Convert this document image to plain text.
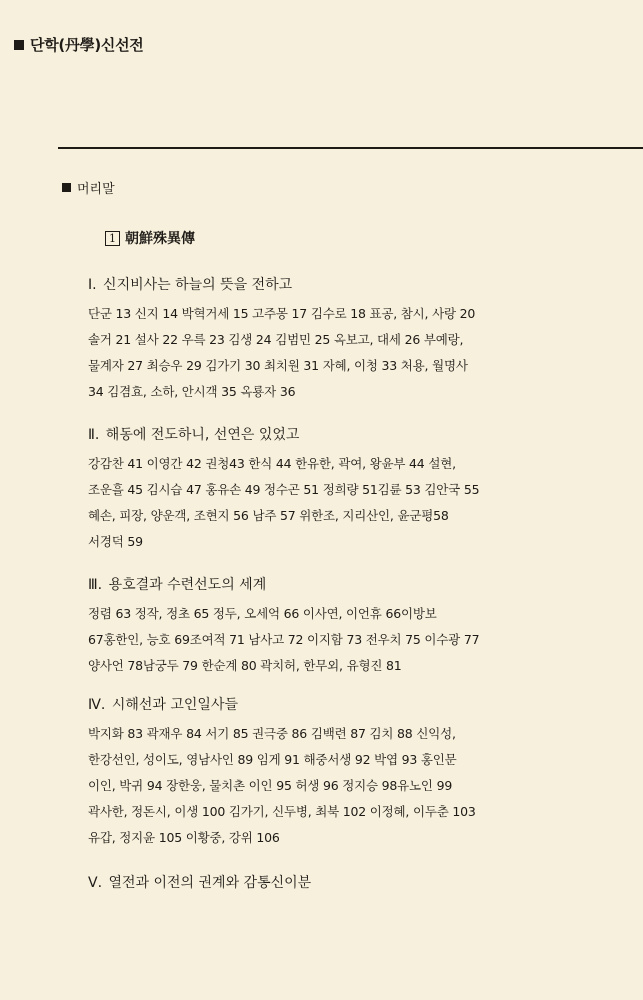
단학(丹學)신선전
머리말
1 朝鮮殊異傳
Ⅰ. 신지비사는 하늘의 뜻을 전하고
단군 13 신지 14 박혁거세 15 고주몽 17 김수로 18 표공, 참시, 사랑 20
솔거 21 설사 22 우륵 23 김생 24 김범민 25 옥보고, 대세 26 부예랑,
물계자 27 최승우 29 김가기 30 최치원 31 자혜, 이청 33 처용, 월명사
34 김겸효, 소하, 안시객 35 옥룡자 36
Ⅱ. 해동에 전도하니, 선연은 있었고
강감찬 41 이영간 42 권청43 한식 44 한유한, 곽여, 왕윤부 44 설현,
조운흘 45 김시습 47 홍유손 49 정수곤 51 정희량 51김륜 53 김안국 55
혜손, 피장, 양운객, 조현지 56 남주 57 위한조, 지리산인, 윤군평58
서경덕 59
Ⅲ. 용호결과 수련선도의 세계
정렴 63 정작, 정초 65 정두, 오세억 66 이사연, 이언휴 66이방보
67홍한인, 능호 69조여적 71 남사고 72 이지함 73 전우치 75 이수광 77
양사언 78남궁두 79 한순계 80 곽치허, 한무외, 유형진 81
Ⅳ. 시해선과 고인일사들
박지화 83 곽재우 84 서기 85 권극중 86 김백련 87 김치 88 신익성,
한강선인, 성이도, 영남사인 89 임게 91 해중서생 92 박엽 93 홍인문
이인, 박귀 94 장한웅, 물치촌 이인 95 허생 96 정지승 98유노인 99
곽사한, 정돈시, 이생 100 김가기, 신두병, 최북 102 이정혜, 이두춘 103
유갑, 정지윤 105 이황중, 강위 106
Ⅴ. 열전과 이전의 권계와 감통신이분
